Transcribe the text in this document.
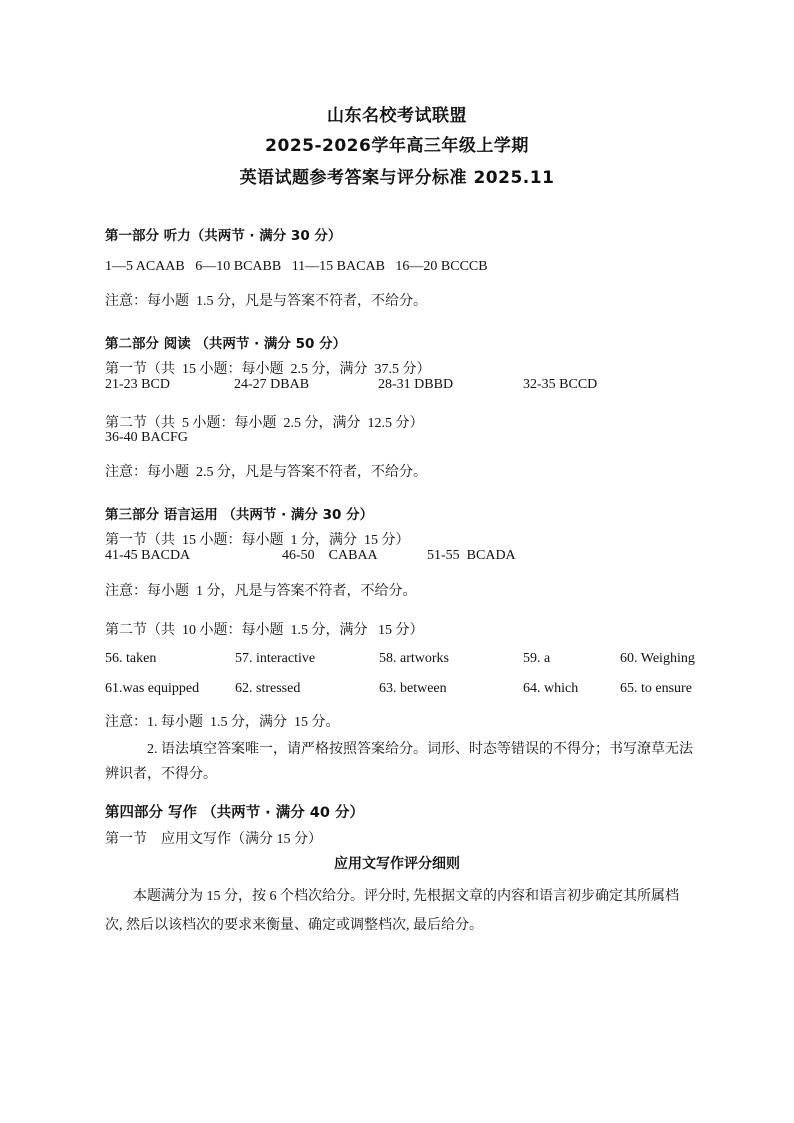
山东名校考试联盟
2025-2026学年高三年级上学期
英语试题参考答案与评分标准 2025.11
第一部分 听力（共两节 · 满分 30 分）
1—5 ACAAB   6—10 BCABB   11—15 BACAB   16—20 BCCCB
注意：每小题  1.5 分，凡是与答案不符者，不给分。
第二部分 阅读 （共两节 · 满分 50 分）
第一节（共  15 小题：每小题  2.5 分，满分  37.5 分）
21-23 BCD	24-27 DBAB	28-31 DBBD	32-35 BCCD
第二节（共  5 小题：每小题  2.5 分，满分  12.5 分）
36-40 BACFG
注意：每小题  2.5 分，凡是与答案不符者，不给分。
第三部分 语言运用 （共两节 · 满分 30 分）
第一节（共  15 小题：每小题  1 分，满分  15 分）
41-45 BACDA	46-50    CABAA	51-55  BCADA
注意：每小题  1 分，凡是与答案不符者，不给分。
第二节（共  10 小题：每小题  1.5 分，满分   15 分）
56. taken	57. interactive	58. artworks	59. a	60. Weighing
61.was equipped	62. stressed	63. between	64. which	65. to ensure
注意：1. 每小题  1.5 分，满分  15 分。
2. 语法填空答案唯一，请严格按照答案给分。词形、时态等错误的不得分；书写潦草无法辨识者，不得分。
第四部分 写作 （共两节 · 满分 40 分）
第一节    应用文写作（满分 15 分）
应用文写作评分细则
本题满分为 15 分，按 6 个档次给分。评分时, 先根据文章的内容和语言初步确定其所属档次, 然后以该档次的要求来衡量、确定或调整档次, 最后给分。
